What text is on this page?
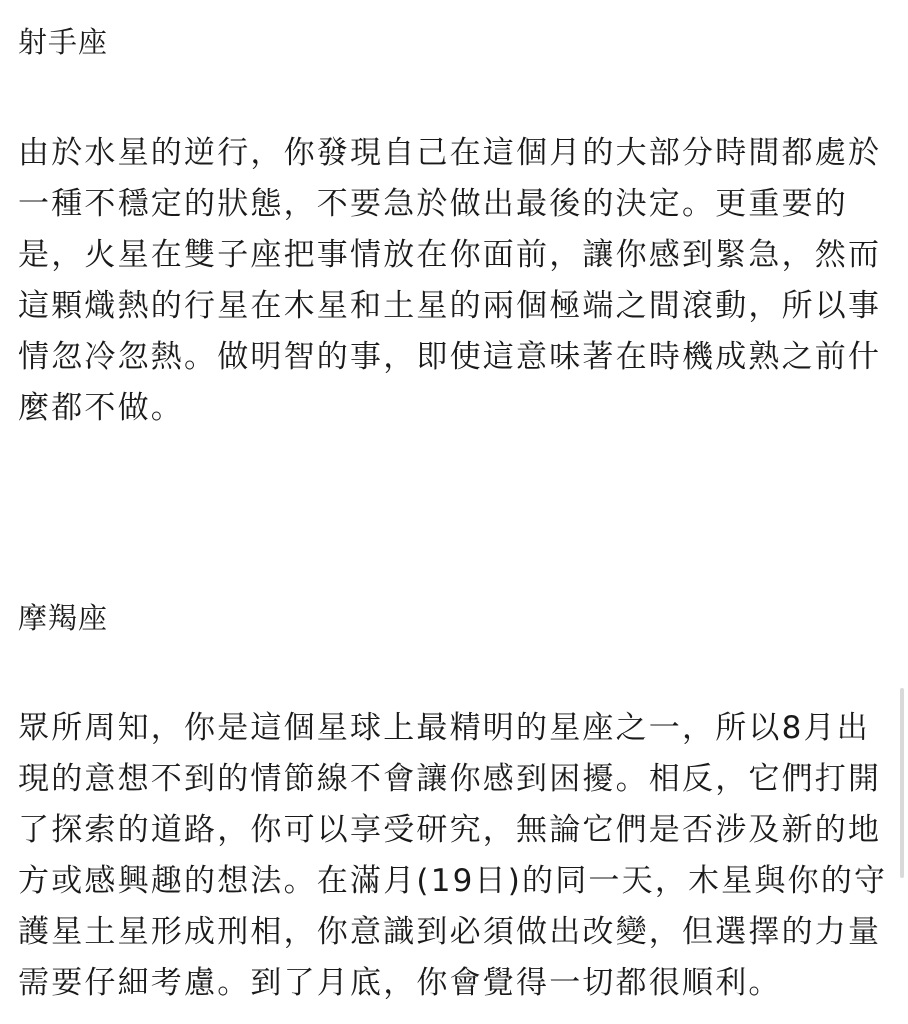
射手座

由於水星的逆行，你發現自己在這個月的大部分時間都處於一種不穩定的狀態，不要急於做出最後的決定。更重要的是，火星在雙子座把事情放在你面前，讓你感到緊急，然而這顆熾熱的行星在木星和土星的兩個極端之間滾動，所以事情忽冷忽熱。做明智的事，即使這意味著在時機成熟之前什麼都不做。

摩羯座

眾所周知，你是這個星球上最精明的星座之一，所以8月出現的意想不到的情節線不會讓你感到困擾。相反，它們打開了探索的道路，你可以享受研究，無論它們是否涉及新的地方或感興趣的想法。在滿月(19日)的同一天，木星與你的守護星土星形成刑相，你意識到必須做出改變，但選擇的力量需要仔細考慮。到了月底，你會覺得一切都很順利。
